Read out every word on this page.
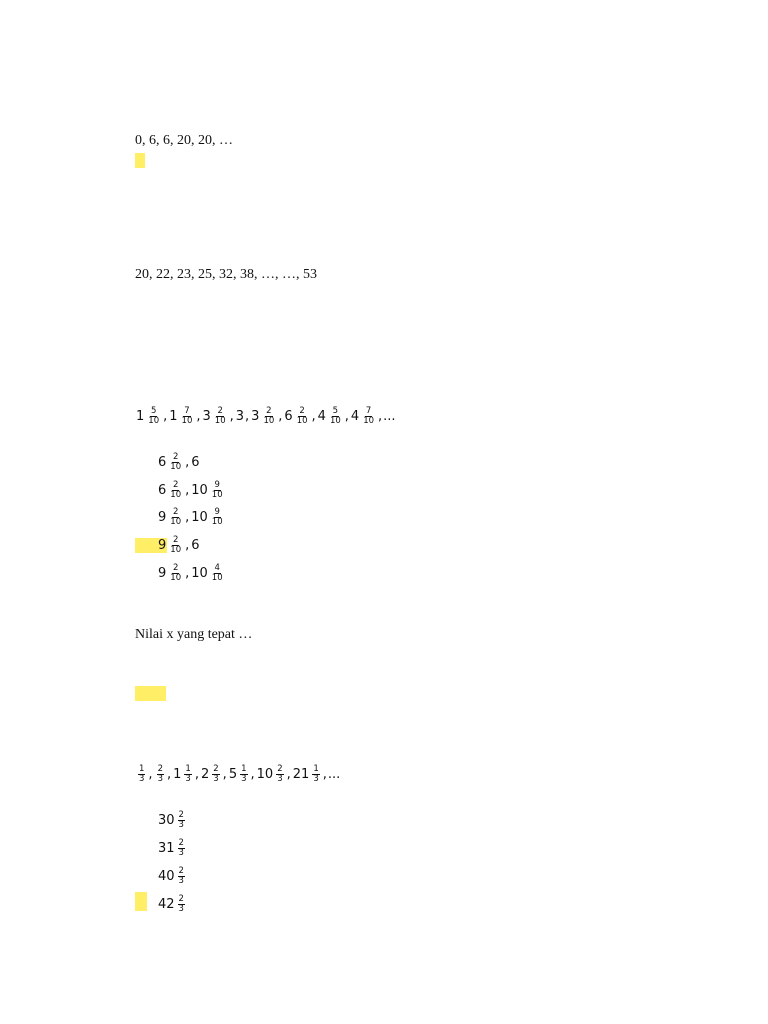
0, 6, 6, 20, 20, …
20, 22, 23, 25, 32, 38, …, …, 53
$1 \frac{5}{10}$ , $1 \frac{7}{10}$ , $3 \frac{2}{10}$ , 3 , $3 \frac{2}{10}$ , $6 \frac{2}{10}$ , $4 \frac{5}{10}$ , $4 \frac{7}{10}$ , ...
$6 \frac{2}{10}$ , 6
$6 \frac{2}{10}$ , $10 \frac{9}{10}$
$9 \frac{2}{10}$ , $10 \frac{9}{10}$
$9 \frac{2}{10}$ , 6
$9 \frac{2}{10}$ , $10 \frac{4}{10}$
Nilai x yang tepat …
$\frac{1}{3}$ , $\frac{2}{3}$ , $1 \frac{1}{3}$ , $2 \frac{2}{3}$ , $5 \frac{1}{3}$ , $10 \frac{2}{3}$ , $21 \frac{1}{3}$ , ...
$30 \frac{2}{3}$
$31 \frac{2}{3}$
$40 \frac{2}{3}$
$42 \frac{2}{3}$
